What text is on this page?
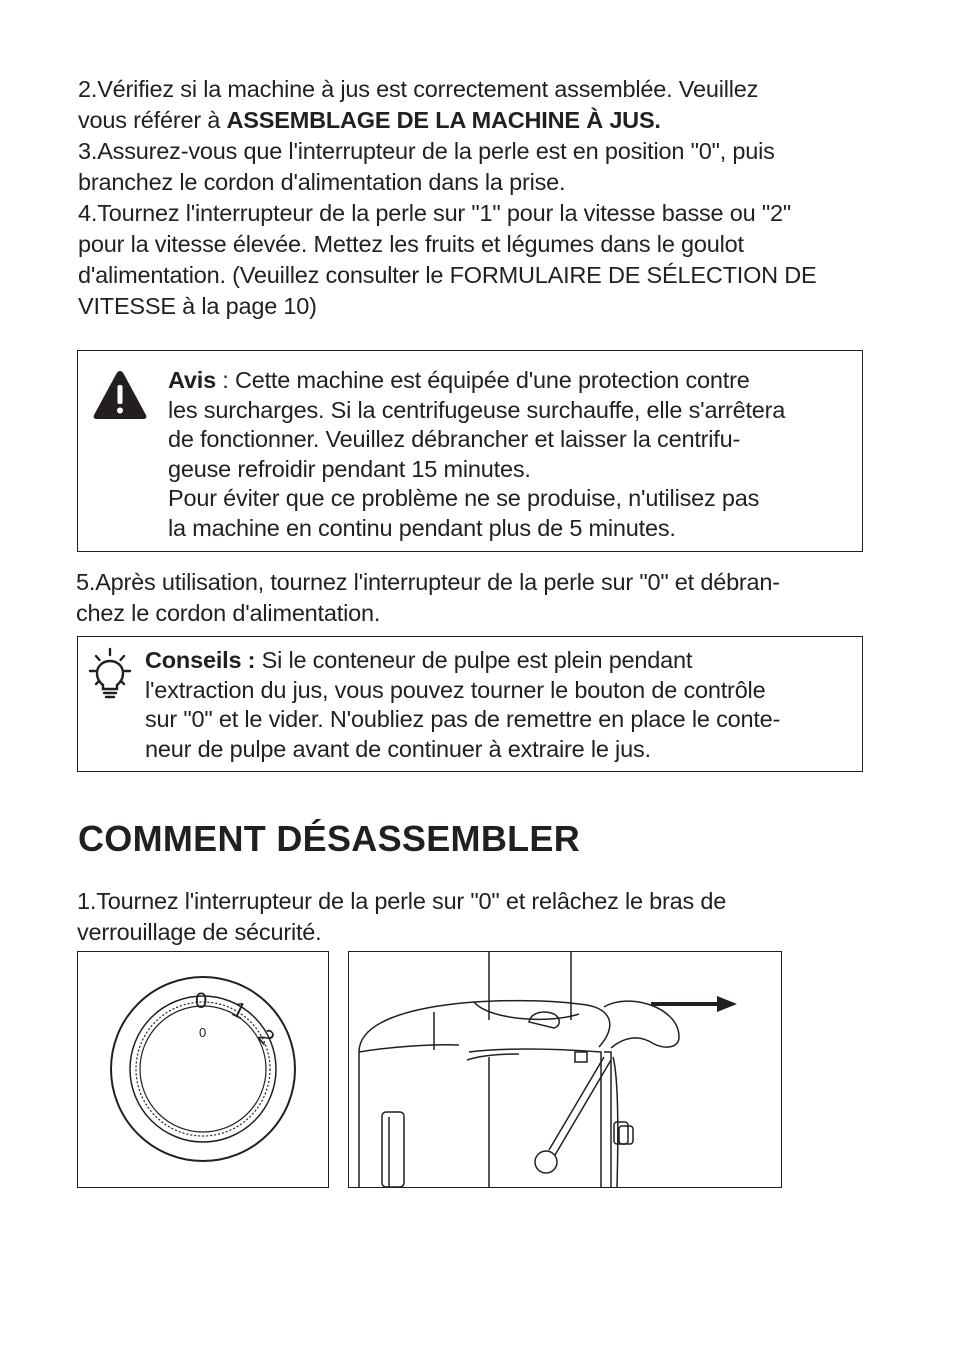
2.Vérifiez si la machine à jus est correctement assemblée. Veuillez

vous référer à ASSEMBLAGE DE LA MACHINE À JUS.

3.Assurez-vous que l'interrupteur de la perle est en position "0", puis

branchez le cordon d'alimentation dans la prise.

4.Tournez l'interrupteur de la perle sur "1" pour la vitesse basse ou "2"

pour la vitesse élevée. Mettez les fruits et légumes dans le goulot

d'alimentation. (Veuillez consulter le FORMULAIRE DE SÉLECTION DE

VITESSE à la page 10)

Avis : Cette machine est équipée d'une protection contre

les surcharges. Si la centrifugeuse surchauffe, elle s'arrêtera

de fonctionner. Veuillez débrancher et laisser la centrifu-

geuse refroidir pendant 15 minutes.

Pour éviter que ce problème ne se produise, n'utilisez pas

la machine en continu pendant plus de 5 minutes.

5.Après utilisation, tournez l'interrupteur de la perle sur "0" et débran-

chez le cordon d'alimentation.

Conseils : Si le conteneur de pulpe est plein pendant

l'extraction du jus, vous pouvez tourner le bouton de contrôle

sur "0" et le vider. N'oubliez pas de remettre en place le conte-

neur de pulpe avant de continuer à extraire le jus.

COMMENT DÉSASSEMBLER

1.Tournez l'interrupteur de la perle sur "0" et relâchez le bras de

verrouillage de sécurité.

0 1
2
0
